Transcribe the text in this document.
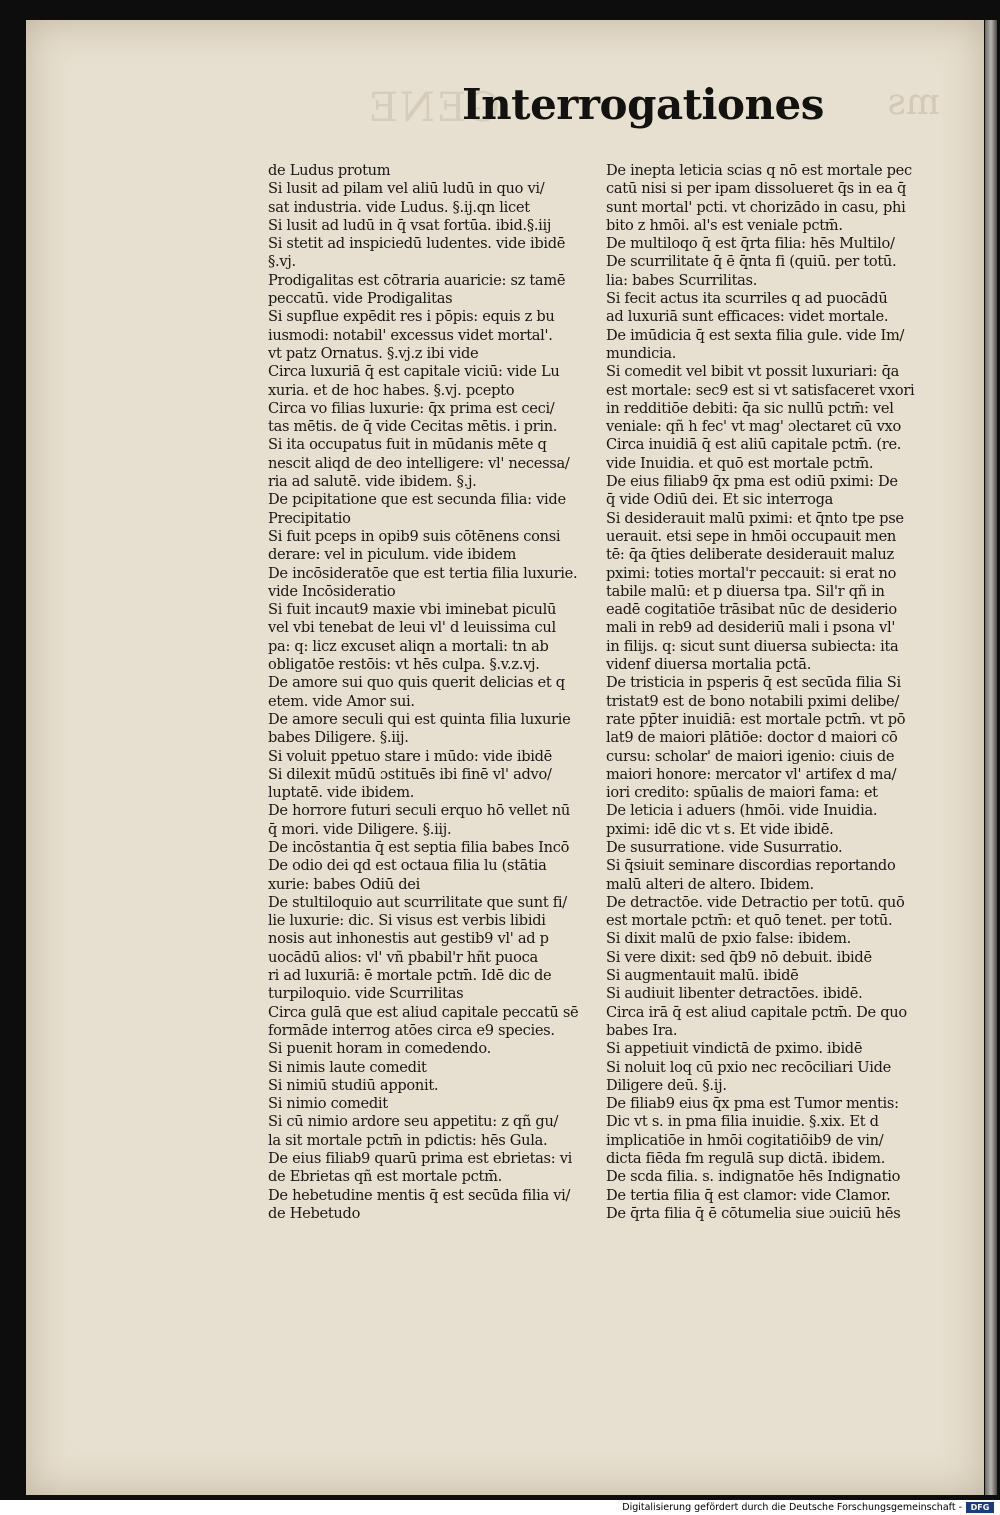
GENE	ms
Interrogationes
de Ludus protum
Si lusit ad pilam vel aliū ludū in quo vi/
sat industria. vide Ludus. §.ij.qn licet
Si lusit ad ludū in q̄ vsat fortūa. ibid.§.iij
Si stetit ad inspiciedū ludentes. vide ibidē
§.vj.
Prodigalitas est cōtraria auaricie: sz tamē
peccatū. vide Prodigalitas
Si supflue expēdit res i pōpis: equis z bu
iusmodi: notabil' excessus videt mortal'.
vt patz Ornatus. §.vj.z ibi vide
Circa luxuriā q̄ est capitale viciū: vide Lu
xuria. et de hoc habes. §.vj. pcepto
Circa vo filias luxurie: q̄x prima est ceci/
tas mētis. de q̄ vide Cecitas mētis. i prin.
Si ita occupatus fuit in mūdanis mēte q
nescit aliqd de deo intelligere: vl' necessa/
ria ad salutē. vide ibidem. §.j.
De pcipitatione que est secunda filia: vide
Precipitatio
Si fuit pceps in opib9 suis cōtēnens consi
derare: vel in piculum. vide ibidem
De incōsideratōe que est tertia filia luxurie.
vide Incōsideratio
Si fuit incaut9 maxie vbi iminebat piculū
vel vbi tenebat de leui vl' d leuissima cul
pa: q: licz excuset aliqn a mortali: tn ab
obligatōe restōis: vt hēs culpa. §.v.z.vj.
De amore sui quo quis querit delicias et q
etem. vide Amor sui.
De amore seculi qui est quinta filia luxurie
babes Diligere. §.iij.
Si voluit ppetuo stare i mūdo: vide ibidē
Si dilexit mūdū ɔstituēs ibi finē vl' advo/
luptatē. vide ibidem.
De horrore futuri seculi erquo hō vellet nū
q̄ mori. vide Diligere. §.iij.
De incōstantia q̄ est septia filia babes Incō
De odio dei qd est octaua filia lu (stātia
xurie: babes Odiū dei
De stultiloquio aut scurrilitate que sunt fi/
lie luxurie: dic. Si visus est verbis libidi
nosis aut inhonestis aut gestib9 vl' ad p
uocādū alios: vl' vñ pbabil'r hñt puoca
ri ad luxuriā: ē mortale pctm̄. Idē dic de
turpiloquio. vide Scurrilitas
Circa gulā que est aliud capitale peccatū sē
formāde interrog atōes circa e9 species.
Si puenit horam in comedendo.
Si nimis laute comedit
Si nimiū studiū apponit.
Si nimio comedit
Si cū nimio ardore seu appetitu: z qñ gu/
la sit mortale pctm̄ in pdictis: hēs Gula.
De eius filiab9 quarū prima est ebrietas: vi
de Ebrietas qñ est mortale pctm̄.
De hebetudine mentis q̄ est secūda filia vi/
de Hebetudo
De inepta leticia scias q nō est mortale pec
catū nisi si per ipam dissolueret q̄s in ea q̄
sunt mortal' pcti. vt chorizādo in casu, phi
bito z hmōi. al's est veniale pctm̄.
De multiloqo q̄ est q̄rta filia: hēs Multilo/
De scurrilitate q̄ ē q̄nta fi (quiū. per totū.
lia: babes Scurrilitas.
Si fecit actus ita scurriles q ad puocādū
ad luxuriā sunt efficaces: videt mortale.
De imūdicia q̄ est sexta filia gule. vide Im/
mundicia.
Si comedit vel bibit vt possit luxuriari: q̄a
est mortale: sec9 est si vt satisfaceret vxori
in redditiōe debiti: q̄a sic nullū pctm̄: vel
veniale: qñ h̄ fec' vt mag' ɔlectaret cū vxo
Circa inuidiā q̄ est aliū capitale pctm̄. (re.
vide Inuidia. et quō est mortale pctm̄.
De eius filiab9 q̄x pma est odiū pximi: De
q̄ vide Odiū dei. Et sic interroga
Si desiderauit malū pximi: et q̄nto tpe pse
uerauit. etsi sepe in hmōi occupauit men
tē: q̄a q̄ties deliberate desiderauit maluz
pximi: toties mortal'r peccauit: si erat no
tabile malū: et p diuersa tpa. Sil'r qñ in
eadē cogitatiōe trāsibat nūc de desiderio
mali in reb9 ad desideriū mali i psona vl'
in filijs. q: sicut sunt diuersa subiecta: ita
videnf diuersa mortalia pctā.
De tristicia in psperis q̄ est secūda filia Si
tristat9 est de bono notabili pximi delibe/
rate pp̄ter inuidiā: est mortale pctm̄. vt pō
lat9 de maiori plātiōe: doctor d maiori cō
cursu: scholar' de maiori igenio: ciuis de
maiori honore: mercator vl' artifex d ma/
iori credito: spūalis de maiori fama: et
De leticia i aduers (hmōi. vide Inuidia.
pximi: idē dic vt s. Et vide ibidē.
De susurratione. vide Susurratio.
Si q̄siuit seminare discordias reportando
malū alteri de altero. Ibidem.
De detractōe. vide Detractio per totū. quō
est mortale pctm̄: et quō tenet. per totū.
Si dixit malū de pxio false: ibidem.
Si vere dixit: sed q̄b9 nō debuit. ibidē
Si augmentauit malū. ibidē
Si audiuit libenter detractōes. ibidē.
Circa irā q̄ est aliud capitale pctm̄. De quo
babes Ira.
Si appetiuit vindictā de pximo. ibidē
Si noluit loq cū pxio nec recōciliari Uide
Diligere deū. §.ij.
De filiab9 eius q̄x pma est Tumor mentis:
Dic vt s. in pma filia inuidie. §.xix. Et d
implicatiōe in hmōi cogitatiōib9 de vin/
dicta fiēda fm regulā sup dictā. ibidem.
De scda filia. s. indignatōe hēs Indignatio
De tertia filia q̄ est clamor: vide Clamor.
De q̄rta filia q̄ ē cōtumelia siue ɔuiciū hēs
Digitalisierung gefördert durch die Deutsche Forschungsgemeinschaft -	DFG
